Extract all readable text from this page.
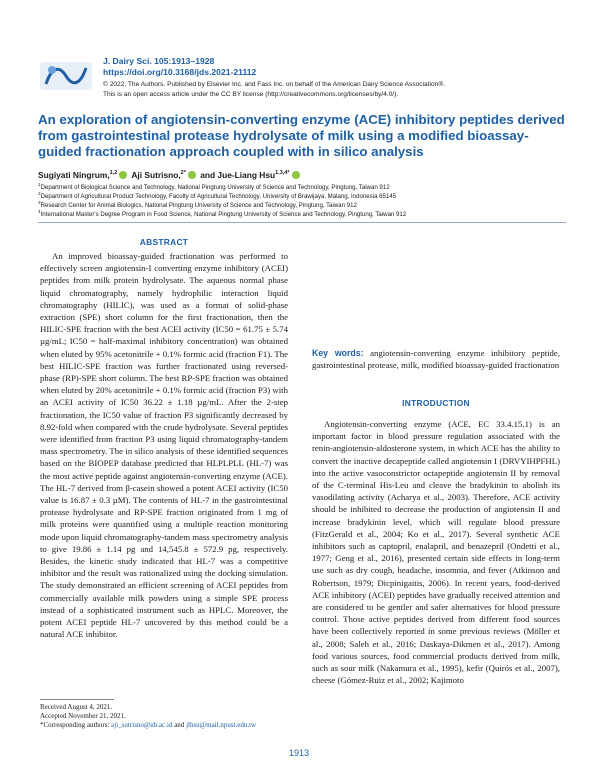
J. Dairy Sci. 105:1913–1928
https://doi.org/10.3168/jds.2021-21112
© 2022, The Authors. Published by Elsevier Inc. and Fass Inc. on behalf of the American Dairy Science Association®.
This is an open access article under the CC BY license (http://creativecommons.org/licenses/by/4.0/).
An exploration of angiotensin-converting enzyme (ACE) inhibitory peptides derived from gastrointestinal protease hydrolysate of milk using a modified bioassay-guided fractionation approach coupled with in silico analysis
Sugiyati Ningrum,$^{1,2}$ Aji Sutrisno,$^{2*}$ and Jue-Liang Hsu$^{1,3,4*}$
$^1$Department of Biological Science and Technology, National Pingtung University of Science and Technology, Pingtung, Taiwan 912
$^2$Department of Agricultural Product Technology, Faculty of Agricultural Technology, University of Brawijaya, Malang, Indonesia 65145
$^3$Research Center for Animal Biologics, National Pingtung University of Science and Technology, Pingtung, Taiwan 912
$^4$International Master's Degree Program in Food Science, National Pingtung University of Science and Technology, Pingtung, Taiwan 912
ABSTRACT

An improved bioassay-guided fractionation was performed to effectively screen angiotensin-I converting enzyme inhibitory (ACEI) peptides from milk protein hydrolysate. The aqueous normal phase liquid chromatography, namely hydrophilic interaction liquid chromatography (HILIC), was used as a format of solid-phase extraction (SPE) short column for the first fractionation, then the HILIC-SPE fraction with the best ACEI activity (IC50 = 61.75 ± 5.74 µg/mL; IC50 = half-maximal inhibitory concentration) was obtained when eluted by 95% acetonitrile + 0.1% formic acid (fraction F1). The best HILIC-SPE fraction was further fractionated using reversed-phase (RP)-SPE short column. The best RP-SPE fraction was obtained when eluted by 20% acetonitrile + 0.1% formic acid (fraction P3) with an ACEI activity of IC50 36.22 ± 1.18 µg/mL. After the 2-step fractionation, the IC50 value of fraction P3 significantly decreased by 8.92-fold when compared with the crude hydrolysate. Several peptides were identified from fraction P3 using liquid chromatography-tandem mass spectrometry. The in silico analysis of these identified sequences based on the BIOPEP database predicted that HLPLPLL (HL-7) was the most active peptide against angiotensin-converting enzyme (ACE). The HL-7 derived from β-casein showed a potent ACEI activity (IC50 value is 16.87 ± 0.3 µM). The contents of HL-7 in the gastrointestinal protease hydrolysate and RP-SPE fraction originated from 1 mg of milk proteins were quantified using a multiple reaction monitoring mode upon liquid chromatography-tandem mass spectrometry analysis to give 19.86 ± 1.14 pg and 14,545.8 ± 572.9 pg, respectively. Besides, the kinetic study indicated that HL-7 was a competitive inhibitor and the result was rationalized using the docking simulation. The study demonstrated an efficient screening of ACEI peptides from commercially available milk powders using a simple SPE process instead of a sophisticated instrument such as HPLC. Moreover, the potent ACEI peptide HL-7 uncovered by this method could be a natural ACE inhibitor.

Key words: angiotensin-converting enzyme inhibitory peptide, gastrointestinal protease, milk, modified bioassay-guided fractionation
INTRODUCTION

Angiotensin-converting enzyme (ACE, EC 33.4.15.1) is an important factor in blood pressure regulation associated with the renin-angiotensin-aldosterone system, in which ACE has the ability to convert the inactive decapeptide called angiotensin I (DRVYIHPFHL) into the active vasoconstrictor octapeptide angiotensin II by removal of the C-terminal His-Leu and cleave the bradykinin to abolish its vasodilating activity (Acharya et al., 2003). Therefore, ACE activity should be inhibited to decrease the production of angiotensin II and increase bradykinin level, which will regulate blood pressure (FitzGerald et al., 2004; Ko et al., 2017). Several synthetic ACE inhibitors such as captopril, enalapril, and benazepril (Ondetti et al., 1977; Geng et al., 2016), presented certain side effects in long-term use such as dry cough, headache, insomnia, and fever (Atkinson and Robertson, 1979; Dicpinigaitis, 2006). In recent years, food-derived ACE inhibitory (ACEI) peptides have gradually received attention and are considered to be gentler and safer alternatives for blood pressure control. Those active peptides derived from different food sources have been collectively reported in some previous reviews (Möller et al., 2008; Saleh et al., 2016; Daskaya-Dikmen et al., 2017). Among food various sources, food commercial products derived from milk, such as sour milk (Nakamura et al., 1995), kefir (Quirós et al., 2007), cheese (Gómez-Ruiz et al., 2002; Kajimoto

Received August 4, 2021.
Accepted November 21, 2021.
*Corresponding authors: aji_sutrisno@ub.ac.id and jlhsu@mail.npust.edu.tw
1913
